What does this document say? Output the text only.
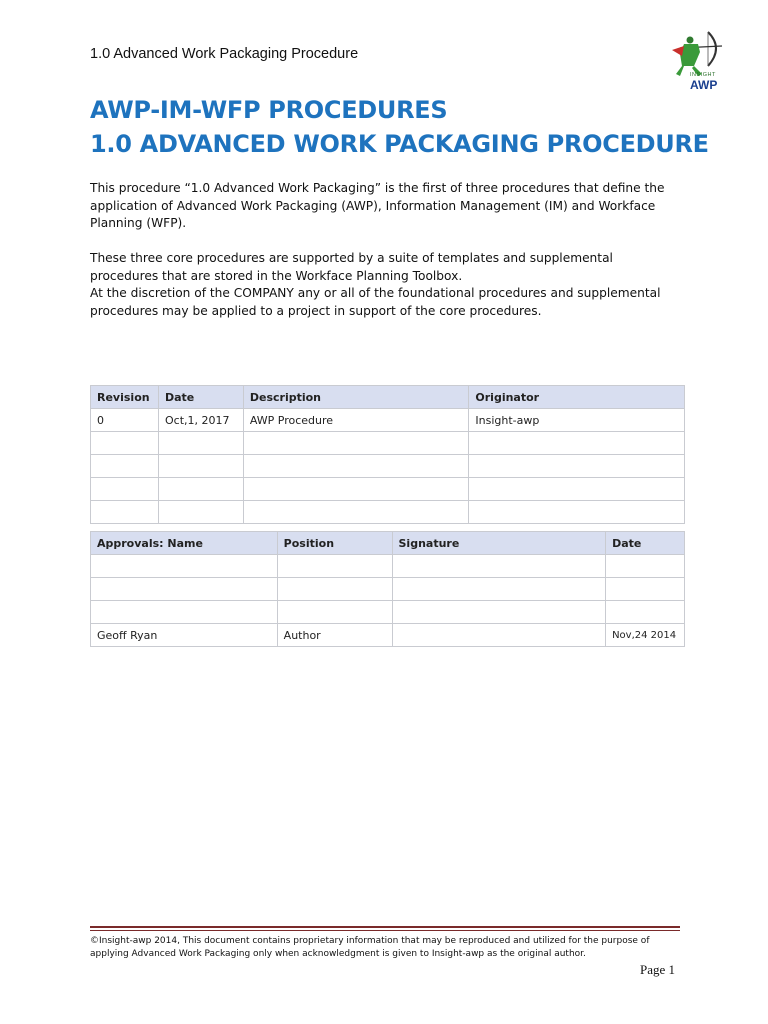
1.0 Advanced Work Packaging Procedure
INSIGHT
AWP
AWP-IM-WFP PROCEDURES
1.0 ADVANCED WORK PACKAGING PROCEDURE

This procedure “1.0 Advanced Work Packaging” is the first of three procedures that define the application of Advanced Work Packaging (AWP), Information Management (IM) and Workface Planning (WFP).

These three core procedures are supported by a suite of templates and supplemental procedures that are stored in the Workface Planning Toolbox.
At the discretion of the COMPANY any or all of the foundational procedures and supplemental procedures may be applied to a project in support of the core procedures.
Revision	Date	Description	Originator
0	Oct,1, 2017	AWP Procedure	Insight-awp

Approvals: Name	Position	Signature	Date

Geoff Ryan	Author		Nov,24 2014

©Insight-awp 2014, This document contains proprietary information that may be reproduced and utilized for the purpose of applying Advanced Work Packaging only when acknowledgment is given to Insight-awp as the original author.

Page 1
